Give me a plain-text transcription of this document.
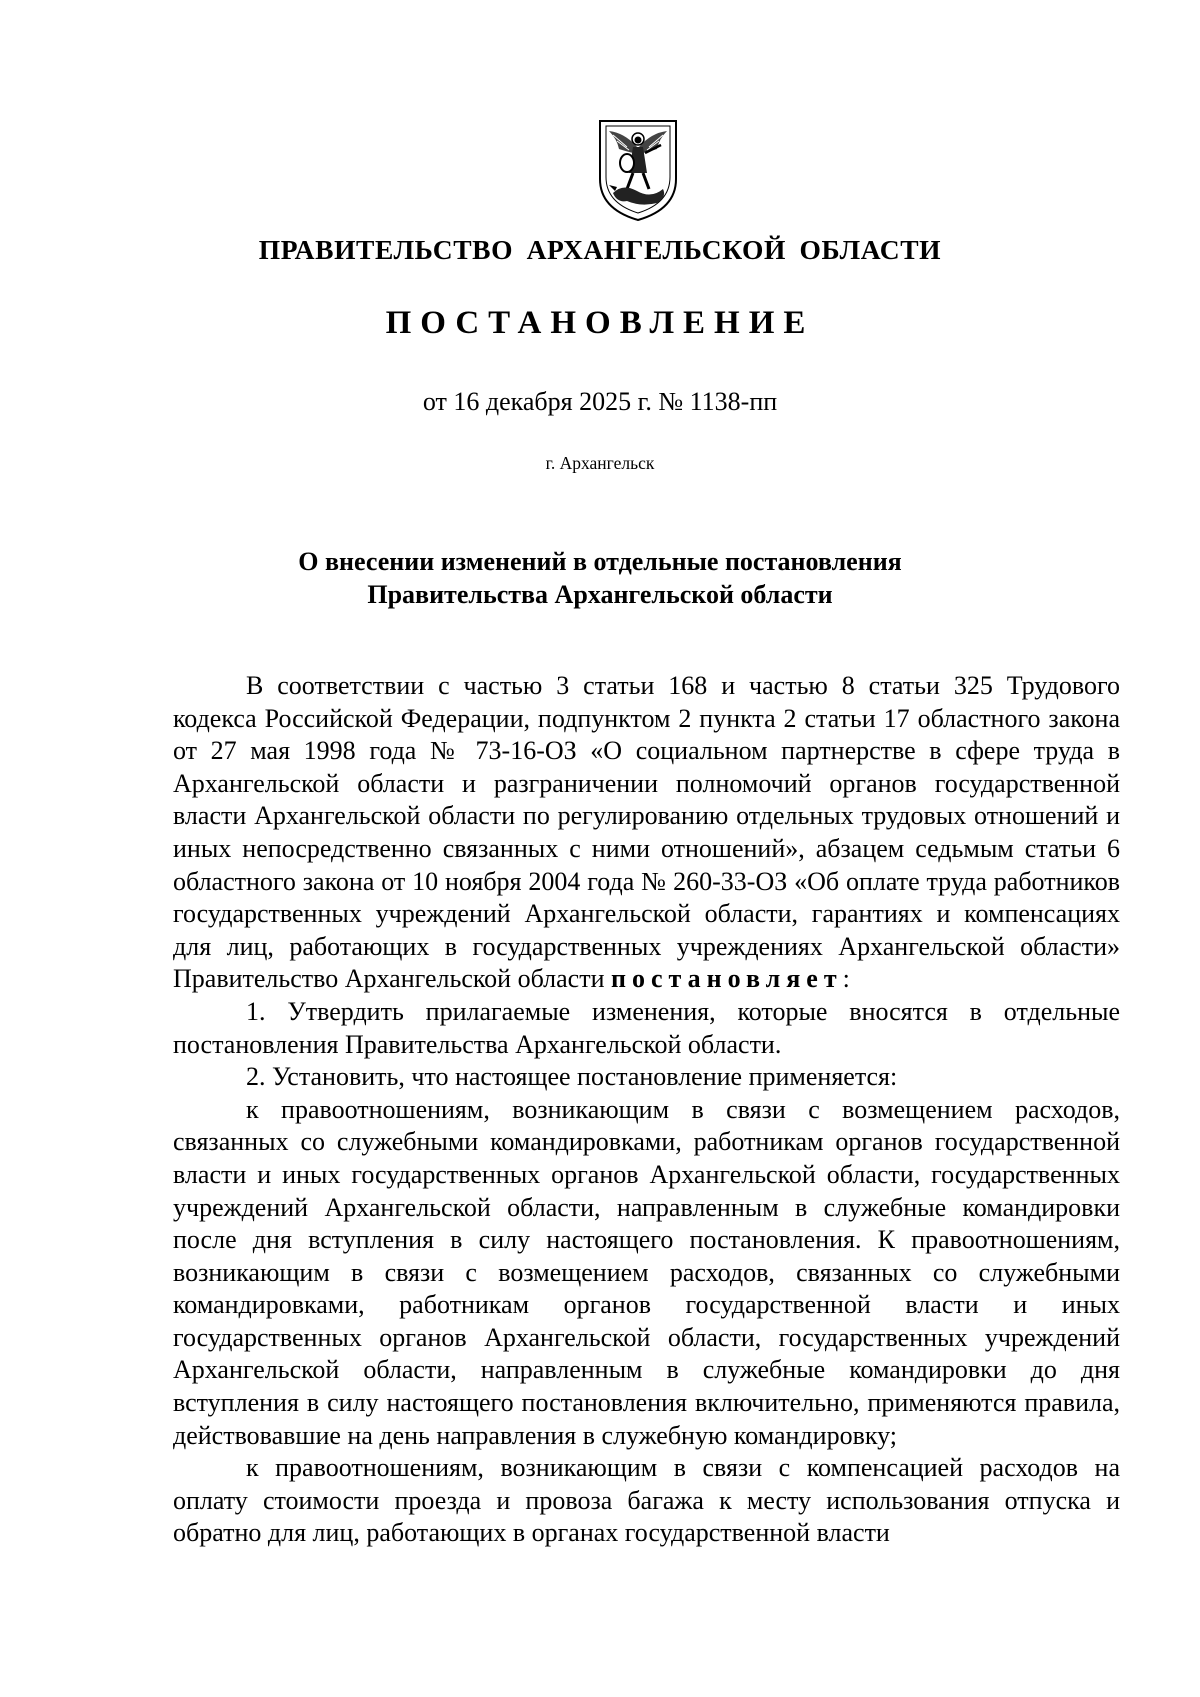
ПРАВИТЕЛЬСТВО АРХАНГЕЛЬСКОЙ ОБЛАСТИ
ПОСТАНОВЛЕНИЕ
от 16 декабря 2025 г. № 1138-пп
г. Архангельск
О внесении изменений в отдельные постановления
Правительства Архангельской области

В соответствии с частью 3 статьи 168 и частью 8 статьи 325 Трудового кодекса Российской Федерации, подпунктом 2 пункта 2 статьи 17 областного закона от 27 мая 1998 года № 73-16-ОЗ «О социальном партнерстве в сфере труда в Архангельской области и разграничении полномочий органов государственной власти Архангельской области по регулированию отдельных трудовых отношений и иных непосредственно связанных с ними отношений», абзацем седьмым статьи 6 областного закона от 10 ноября 2004 года № 260-33-ОЗ «Об оплате труда работников государственных учреждений Архангельской области, гарантиях и компенсациях для лиц, работающих в государственных учреждениях Архангельской области» Правительство Архангельской области постановляет:

1. Утвердить прилагаемые изменения, которые вносятся в отдельные постановления Правительства Архангельской области.

2. Установить, что настоящее постановление применяется:

к правоотношениям, возникающим в связи с возмещением расходов, связанных со служебными командировками, работникам органов государственной власти и иных государственных органов Архангельской области, государственных учреждений Архангельской области, направленным в служебные командировки после дня вступления в силу настоящего постановления. К правоотношениям, возникающим в связи с возмещением расходов, связанных со служебными командировками, работникам органов государственной власти и иных государственных органов Архангельской области, государственных учреждений Архангельской области, направленным в служебные командировки до дня вступления в силу настоящего постановления включительно, применяются правила, действовавшие на день направления в служебную командировку;

к правоотношениям, возникающим в связи с компенсацией расходов на оплату стоимости проезда и провоза багажа к месту использования отпуска и обратно для лиц, работающих в органах государственной власти
